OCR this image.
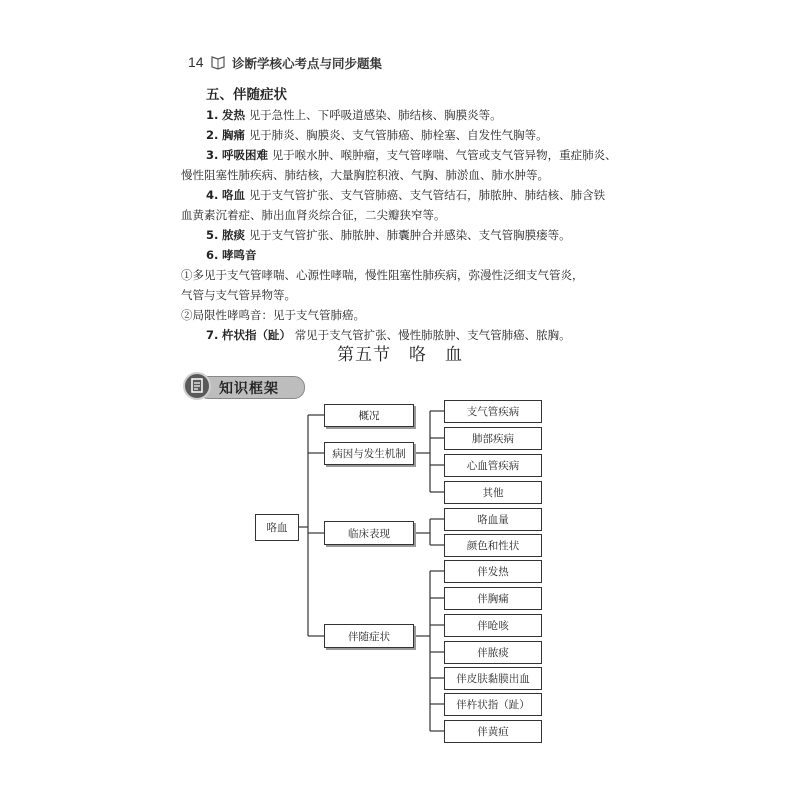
14 诊断学核心考点与同步题集
五、伴随症状

1. 发热 见于急性上、下呼吸道感染、肺结核、胸膜炎等。

2. 胸痛 见于肺炎、胸膜炎、支气管肺癌、肺栓塞、自发性气胸等。

3. 呼吸困难 见于喉水肿、喉肿瘤，支气管哮喘、气管或支气管异物，重症肺炎、

慢性阻塞性肺疾病、肺结核，大量胸腔积液、气胸、肺淤血、肺水肿等。

4. 咯血 见于支气管扩张、支气管肺癌、支气管结石，肺脓肿、肺结核、肺含铁

血黄素沉着症、肺出血肾炎综合征，二尖瓣狭窄等。

5. 脓痰 见于支气管扩张、肺脓肿、肺囊肿合并感染、支气管胸膜瘘等。

6. 哮鸣音

①多见于支气管哮喘、心源性哮喘，慢性阻塞性肺疾病，弥漫性泛细支气管炎，

气管与支气管异物等。

②局限性哮鸣音：见于支气管肺癌。

7. 杵状指（趾） 常见于支气管扩张、慢性肺脓肿、支气管肺癌、脓胸。

第五节　咯　血
知识框架
咯血
概况
病因与发生机制
临床表现
伴随症状
支气管疾病
肺部疾病
心血管疾病
其他
咯血量
颜色和性状
伴发热
伴胸痛
伴呛咳
伴脓痰
伴皮肤黏膜出血
伴杵状指（趾）
伴黄疸
